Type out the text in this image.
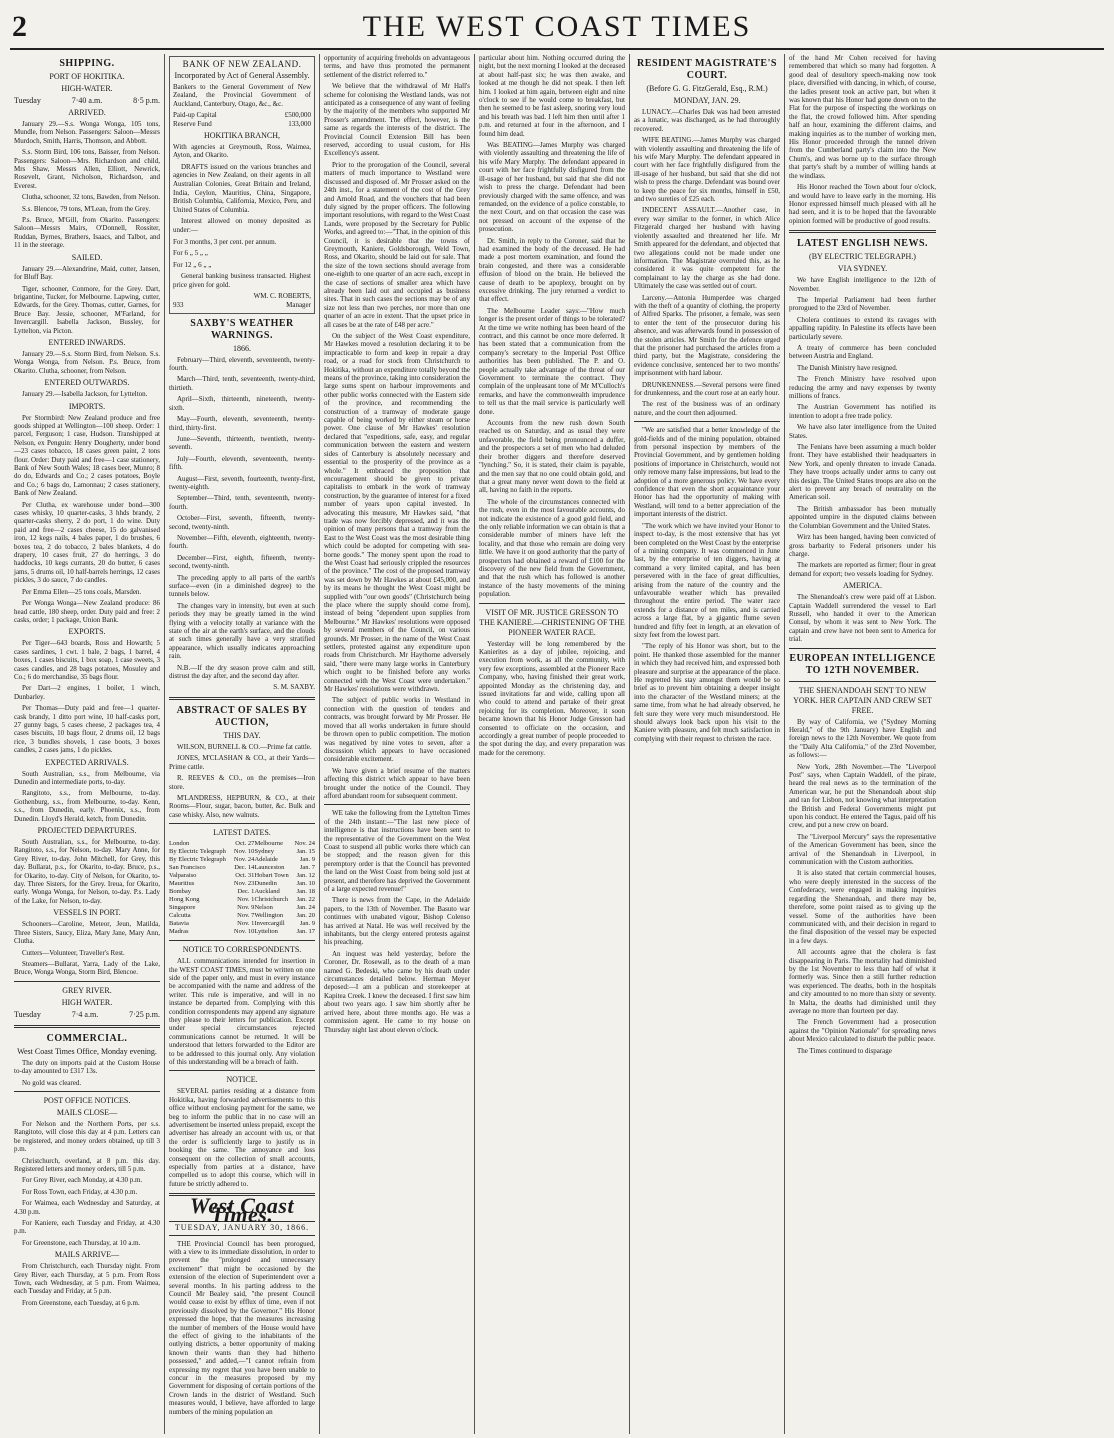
2	THE WEST COAST TIMES
SHIPPING.
PORT OF HOKITIKA.
HIGH-WATER.
Tuesday	7·40 a.m.	8·5 p.m.
ARRIVED.

January 29.—S.s. Wonga Wonga, 105 tons, Mundle, from Nelson. Passengers: Saloon—Messrs Murdoch, Smith, Harris, Thomson, and Abbott.

S.s. Storm Bird, 106 tons, Baisser, from Nelson. Passengers: Saloon—Mrs. Richardson and child, Mrs Shaw, Messrs Allen, Elliott, Newrick, Rosevelt, Grant, Nicholson, Richardson, and Everest.

Clutha, schooner, 32 tons, Bawden, from Nelson.

S.s. Blencoe, 79 tons, M'Lean, from the Grey.

P.s. Bruce, M'Gill, from Okarito. Passengers: Saloon—Messrs Mairs, O'Donnell, Rossiter, Ruddan, Byrnes, Brathers, Isaacs, and Talbot, and 11 in the steerage.

SAILED.

January 29.—Alexandrine, Maid, cutter, Jansen, for Bluff Bay.

Tiger, schooner, Conmore, for the Grey. Dart, brigantine, Tucker, for Melbourne. Lapwing, cutter, Edwards, for the Grey. Thomas, cutter, Garnes, for Bruce Bay. Jessie, schooner, M'Farland, for Invercargill. Isabella Jackson, Bussley, for Lyttelton, via Picton.

ENTERED INWARDS.

January 29.—S.s. Storm Bird, from Nelson. S.s. Wonga Wonga, from Nelson. P.s. Bruce, from Okarito. Clutha, schooner, from Nelson.

ENTERED OUTWARDS.

January 29.—Isabella Jackson, for Lyttelton.

IMPORTS.

Per Stormbird: New Zealand produce and free goods shipped at Wellington—100 sheep. Order: 1 parcel, Ferguson; 1 case, Hudson. Transhipped at Nelson, ex Penguin: Henry Dougherty, under bond—23 cases tobacco, 18 cases green paint, 2 tons flour. Order: Duty paid and free—1 case stationery, Bank of New South Wales; 18 cases beer, Munro; 8 do do, Edwards and Co.; 2 cases potatoes, Boyle and Co.; 6 bags do, Lamonnau; 2 cases stationery, Bank of New Zealand.

Per Clutha, ex warehouse under bond—300 cases whisky, 10 quarter-casks, 3 hhds brandy, 2 quarter-casks sherry, 2 do port, 1 do wine. Duty paid and free—2 cases cheese, 15 do galvanised iron, 12 kegs nails, 4 bales paper, 1 do brushes, 6 boxes tea, 2 do tobacco, 2 bales blankets, 4 do drapery, 10 cases fruit, 27 do herrings, 3 do haddocks, 10 kegs currants, 20 do butter, 6 cases jams, 5 drums oil, 10 half-barrels herrings, 12 cases pickles, 3 do sauce, 7 do candles.

Per Emma Ellen—25 tons coals, Marsden.

Per Wonga Wonga—New Zealand produce: 86 head cattle, 180 sheep, order. Duty paid and free: 2 casks, order; 1 package, Union Bank.

EXPORTS.

Per Tiger—643 boards, Ross and Howarth; 5 cases sardines, 1 cwt. 1 bale, 2 bags, 1 barrel, 4 boxes, 1 cases biscuits, 1 box soap, 1 case sweets, 3 cases candles, and 28 bags potatoes, Mosuley and Co.; 6 do merchandise, 35 bags flour.

Per Dart—2 engines, 1 boiler, 1 winch, Dunbarley.

Per Thomas—Duty paid and free—1 quarter-cask brandy, 1 ditto port wine, 10 half-casks port, 27 gunny bags, 5 cases cheese, 2 packages tea, 4 cases biscuits, 10 bags flour, 2 drums oil, 12 bags rice, 3 bundles shovels, 1 case boots, 3 boxes candles, 2 cases jams, 1 do pickles.

EXPECTED ARRIVALS.

South Australian, s.s., from Melbourne, via Dunedin and intermediate ports, to-day.

Rangitoto, s.s., from Melbourne, to-day. Gothenburg, s.s., from Melbourne, to-day. Kenn, s.s., from Dunedin, early. Phoenix, s.s., from Dunedin. Lloyd's Herald, ketch, from Dunedin.

PROJECTED DEPARTURES.

South Australian, s.s., for Melbourne, to-day. Rangitoto, s.s., for Nelson, to-day. Mary Anne, for Grey River, to-day. John Mitchell, for Grey, this day. Bullarat, p.s., for Okarito, to-day. Bruce, p.s., for Okarito, to-day. City of Nelson, for Okarito, to-day. Three Sisters, for the Grey. Ireua, for Okarito, early. Wonga Wonga, for Nelson, to-day. P.s. Lady of the Lake, for Nelson, to-day.

VESSELS IN PORT.

Schooners—Caroline, Meteor, Jeun, Matilda, Three Sisters, Saucy, Eliza, Mary Jane, Mary Ann, Clutha.

Cutters—Volunteer, Traveller's Rest.

Steamers—Bullarat, Yarra, Lady of the Lake, Bruce, Wonga Wonga, Storm Bird, Blencoe.

GREY RIVER.
HIGH WATER.
Tuesday	7·4 a.m.	7·25 p.m.
COMMERCIAL.
West Coast Times Office, Monday evening.

The duty on imports paid at the Custom House to-day amounted to £317 13s.

No gold was cleared.

POST OFFICE NOTICES.
MAILS CLOSE—

For Nelson and the Northern Ports, per s.s. Rangitoto, will close this day at 4 p.m. Letters can be registered, and money orders obtained, up till 3 p.m.

Christchurch, overland, at 8 p.m. this day. Registered letters and money orders, till 5 p.m.

For Grey River, each Monday, at 4.30 p.m.

For Ross Town, each Friday, at 4.30 p.m.

For Waimea, each Wednesday and Saturday, at 4.30 p.m.

For Kaniere, each Tuesday and Friday, at 4.30 p.m.

For Greenstone, each Thursday, at 10 a.m.

MAILS ARRIVE—

From Christchurch, each Thursday night. From Grey River, each Thursday, at 5 p.m. From Ross Town, each Wednesday, at 5 p.m. From Waimea, each Tuesday and Friday, at 5 p.m.

From Greenstone, each Tuesday, at 6 p.m.

BANK OF NEW ZEALAND.
Incorporated by Act of General Assembly.

Bankers to the General Government of New Zealand, the Provincial Government of Auckland, Canterbury, Otago, &c., &c.

Paid-up Capital	£500,000
Reserve Fund	133,000
HOKITIKA BRANCH,

With agencies at Greymouth, Ross, Waimea, Ayton, and Okarito.

DRAFTS issued on the various branches and agencies in New Zealand, on their agents in all Australian Colonies, Great Britain and Ireland, India, Ceylon, Mauritius, China, Singapore, British Columbia, California, Mexico, Peru, and United States of Columbia.

Interest allowed on money deposited as under:—

For 3 months, 3 per cent. per annum.

For 6 „ 5 „ „

For 12 „ 6 „ „

General banking business transacted. Highest price given for gold.

WM. C. ROBERTS,
933	Manager
SAXBY'S WEATHER WARNINGS.
1866.

February—Third, eleventh, seventeenth, twenty-fourth.

March—Third, tenth, seventeenth, twenty-third, thirtieth.

April—Sixth, thirteenth, nineteenth, twenty-sixth.

May—Fourth, eleventh, seventeenth, twenty-third, thirty-first.

June—Seventh, thirteenth, twentieth, twenty-seventh.

July—Fourth, eleventh, seventeenth, twenty-fifth.

August—First, seventh, fourteenth, twenty-first, twenty-eighth.

September—Third, tenth, seventeenth, twenty-fourth.

October—First, seventh, fifteenth, twenty-second, twenty-ninth.

November—Fifth, eleventh, eighteenth, twenty-fourth.

December—First, eighth, fifteenth, twenty-second, twenty-ninth.

The preceding apply to all parts of the earth's surface—even (in a diminished degree) to the tunnels below.

The changes vary in intensity, but even at such periods they may be greatly tamed in the wind flying with a velocity totally at variance with the state of the air at the earth's surface, and the clouds at such times generally have a very stratified appearance, which usually indicates approaching rain.

N.B.—If the dry season prove calm and still, distrust the day after, and the second day after.

S. M. SAXBY.
ABSTRACT OF SALES BY AUCTION,
THIS DAY.

WILSON, BURNELL & CO.—Prime fat cattle.

JONES, M'CLASHAN & CO., at their Yards—Prime cattle.

R. REEVES & CO., on the premises—Iron store.

M'LANDRESS, HEPBURN, & CO., at their Rooms—Flour, sugar, bacon, butter, &c. Bulk and case whisky. Also, new walnuts.

LATEST DATES.
London	Oct. 27	Melbourne	Nov. 24
By Electric Telegraph	Nov. 10	Sydney	Jan. 15
By Electric Telegraph	Nov. 24	Adelaide	Jan. 9
San Francisco	Dec. 14	Launceston	Jan. 7
Valparaiso	Oct. 31	Hobart Town	Jan. 12
Mauritius	Nov. 23	Dunedin	Jan. 10
Bombay	Dec. 1	Auckland	Jan. 18
Hong Kong	Nov. 1	Christchurch	Jan. 22
Singapore	Nov. 9	Nelson	Jan. 24
Calcutta	Nov. 7	Wellington	Jan. 20
Batavia	Nov. 1	Invercargill	Jan. 9
Madras	Nov. 10	Lyttelton	Jan. 17
NOTICE TO CORRESPONDENTS.

ALL communications intended for insertion in the WEST COAST TIMES, must be written on one side of the paper only, and must in every instance be accompanied with the name and address of the writer. This rule is imperative, and will in no instance be departed from. Complying with this condition correspondents may append any signature they please to their letters for publication. Except under special circumstances rejected communications cannot be returned. It will be understood that letters forwarded to the Editor are to be addressed to this journal only. Any violation of this understanding will be a breach of faith.

NOTICE.

SEVERAL parties residing at a distance from Hokitika, having forwarded advertisements to this office without enclosing payment for the same, we beg to inform the public that in no case will an advertisement be inserted unless prepaid, except the advertiser has already an account with us, or that the order is sufficiently large to justify us in booking the same. The annoyance and loss consequent on the collection of small accounts, especially from parties at a distance, have compelled us to adopt this course, which will in future be strictly adhered to.

West Coast Times.
TUESDAY, JANUARY 30, 1866.

THE Provincial Council has been prorogued, with a view to its immediate dissolution, in order to prevent the "prolonged and unnecessary excitement" that might be occasioned by the extension of the election of Superintendent over a several months. In his parting address to the Council Mr Bealey said, "the present Council would cease to exist by efflux of time, even if not previously dissolved by the Governor." His Honor expressed the hope, that the measures increasing the number of members of the House would have the effect of giving to the inhabitants of the outlying districts, a better opportunity of making known their wants than they had hitherto possessed," and added,—"I cannot refrain from expressing my regret that you have been unable to concur in the measures proposed by my Government for disposing of certain portions of the Crown lands in the district of Westland. Such measures would, I believe, have afforded to large numbers of the mining population an

opportunity of acquiring freeholds on advantageous terms, and have thus promoted the permanent settlement of the district referred to."

We believe that the withdrawal of Mr Hall's scheme for colonising the Westland lands, was not anticipated as a consequence of any want of feeling by the majority of the members who supported Mr Prosser's amendment. The effect, however, is the same as regards the interests of the district. The Provincial Council Extension Bill has been reserved, according to usual custom, for His Excellency's assent.

Prior to the prorogation of the Council, several matters of much importance to Westland were discussed and disposed of. Mr Prosser asked on the 24th inst., for a statement of the cost of the Grey and Arnold Road, and the vouchers that had been duly signed by the proper officers. The following important resolutions, with regard to the West Coast Lands, were proposed by the Secretary for Public Works, and agreed to:—"That, in the opinion of this Council, it is desirable that the towns of Greymouth, Kaniere, Goldsborough, Weld Town, Ross, and Okarito, should be laid out for sale. That the size of the town sections should average from one-eighth to one quarter of an acre each, except in the case of sections of smaller area which have already been laid out and occupied as business sites. That in such cases the sections may be of any size not less than two perches, nor more than one quarter of an acre in extent. That the upset price in all cases be at the rate of £48 per acre."

On the subject of the West Coast expenditure, Mr Hawkes moved a resolution declaring it to be impracticable to form and keep in repair a dray road, or a road for stock from Christchurch to Hokitika, without an expenditure totally beyond the means of the province, taking into consideration the large sums spent on harbour improvements and other public works connected with the Eastern side of the province, and recommending the construction of a tramway of moderate gauge capable of being worked by either steam or horse power. One clause of Mr Hawkes' resolution declared that "expeditions, safe, easy, and regular communication between the eastern and western sides of Canterbury is absolutely necessary and essential to the prosperity of the province as a whole." It embraced the proposition that encouragement should be given to private capitalists to embark in the work of tramway construction, by the guarantee of interest for a fixed number of years upon capital invested. In advocating this measure, Mr Hawkes said, "that trade was now forcibly depressed, and it was the opinion of many persons that a tramway from the East to the West Coast was the most desirable thing which could be adopted for competing with sea-borne goods." The money spent upon the road to the West Coast had seriously crippled the resources of the province." The cost of the proposed tramway was set down by Mr Hawkes at about £45,000, and by its means he thought the West Coast might be supplied with "our own goods" (Christchurch being the place where the supply should come from), instead of being "dependent upon supplies from Melbourne." Mr Hawkes' resolutions were opposed by several members of the Council, on various grounds. Mr Prosser, in the name of the West Coast settlers, protested against any expenditure upon roads from Christchurch. Mr Haythorne adversely said, "there were many large works in Canterbury which ought to be finished before any works connected with the West Coast were undertaken." Mr Hawkes' resolutions were withdrawn.

The subject of public works in Westland in connection with the question of tenders and contracts, was brought forward by Mr Prosser. He moved that all works undertaken in future should be thrown open to public competition. The motion was negatived by nine votes to seven, after a discussion which appears to have occasioned considerable excitement.

We have given a brief resume of the matters affecting this district which appear to have been brought under the notice of the Council. They afford abundant room for subsequent comment.

WE take the following from the Lyttelton Times of the 24th instant:—"The last new piece of intelligence is that instructions have been sent to the representative of the Government on the West Coast to suspend all public works there which can be stopped; and the reason given for this peremptory order is that the Council has prevented the land on the West Coast from being sold just at present, and therefore has deprived the Government of a large expected revenue!"

There is news from the Cape, in the Adelaide papers, to the 13th of November. The Basuto war continues with unabated vigour, Bishop Colenso has arrived at Natal. He was well received by the inhabitants, but the clergy entered protests against his preaching.

An inquest was held yesterday, before the Coroner, Dr. Rosewall, as to the death of a man named G. Bedeski, who came by his death under circumstances detailed below. Herman Meyer deposed:—I am a publican and storekeeper at Kapitea Creek. I knew the deceased. I first saw him about two years ago. I saw him shortly after he arrived here, about three months ago. He was a commission agent. He came to my house on Thursday night last about eleven o'clock.

particular about him. Nothing occurred during the night, but the next morning I looked at the deceased at about half-past six; he was then awake, and looked at me though he did not speak. I then left him. I looked at him again, between eight and nine o'clock to see if he would come to breakfast, but then he seemed to be fast asleep, snoring very loud and his breath was bad. I left him then until after 1 p.m. and returned at four in the afternoon, and I found him dead.

Was BEATING—James Murphy was charged with violently assaulting and threatening the life of his wife Mary Murphy. The defendant appeared in court with her face frightfully disfigured from the ill-usage of her husband, but said that she did not wish to press the charge. Defendant had been previously charged with the same offence, and was remanded, on the evidence of a police constable, to the next Court, and on that occasion the case was not pressed on account of the expense of the prosecution.

Dr. Smith, in reply to the Coroner, said that he had examined the body of the deceased. He had made a post mortem examination, and found the brain congested, and there was a considerable effusion of blood on the brain. He believed the cause of death to be apoplexy, brought on by excessive drinking. The jury returned a verdict to that effect.

The Melbourne Leader says:—"How much longer is the present order of things to be tolerated? At the time we write nothing has been heard of the contract, and this cannot be once more deferred. It has been stated that a communication from the company's secretary to the Imperial Post Office authorities has been published. The P. and O. people actually take advantage of the threat of our Government to terminate the contract. They complain of the unpleasant tone of Mr M'Culloch's remarks, and have the commonwealth imprudence to tell us that the mail service is particularly well done.

Accounts from the new rush down South reached us on Saturday, and as usual they were unfavorable, the field being pronounced a duffer, and the prospectors a set of men who had deluded their brother diggers and therefore deserved "lynching." So, it is stated, their claim is payable, and the men say that no one could obtain gold, and that a great many never went down to the field at all, having no faith in the reports.

The whole of the circumstances connected with the rush, even in the most favourable accounts, do not indicate the existence of a good gold field, and the only reliable information we can obtain is that a considerable number of miners have left the locality, and that those who remain are doing very little. We have it on good authority that the party of prospectors had obtained a reward of £100 for the discovery of the new field from the Government, and that the rush which has followed is another instance of the hasty movements of the mining population.

VISIT OF MR. JUSTICE GRESSON TO THE KANIERE.—CHRISTENING OF THE PIONEER WATER RACE.

Yesterday will be long remembered by the Kanierites as a day of jubilee, rejoicing, and execution from work, as all the community, with very few exceptions, assembled at the Pioneer Race Company, who, having finished their great work, appointed Monday as the christening day, and issued invitations far and wide, calling upon all who could to attend and partake of their great rejoicing for its completion. Moreover, it soon became known that his Honor Judge Gresson had consented to officiate on the occasion, and accordingly a great number of people proceeded to the spot during the day, and every preparation was made for the ceremony.

RESIDENT MAGISTRATE'S COURT.
(Before G. G. FitzGerald, Esq., R.M.)
MONDAY, JAN. 29.

LUNACY.—Charles Dak was had been arrested as a lunatic, was discharged, as he had thoroughly recovered.

WIFE BEATING.—James Murphy was charged with violently assaulting and threatening the life of his wife Mary Murphy. The defendant appeared in court with her face frightfully disfigured from the ill-usage of her husband, but said that she did not wish to press the charge. Defendant was bound over to keep the peace for six months, himself in £50, and two sureties of £25 each.

INDECENT ASSAULT.—Another case, in every way similar to the former, in which Alice Fitzgerald charged her husband with having violently assaulted and threatened her life. Mr Smith appeared for the defendant, and objected that two allegations could not be made under one information. The Magistrate overruled this, as he considered it was quite competent for the complainant to lay the charge as she had done. Ultimately the case was settled out of court.

Larceny.—Antonia Humperdee was charged with the theft of a quantity of clothing, the property of Alfred Sparks. The prisoner, a female, was seen to enter the tent of the prosecutor during his absence, and was afterwards found in possession of the stolen articles. Mr Smith for the defence urged that the prisoner had purchased the articles from a third party, but the Magistrate, considering the evidence conclusive, sentenced her to two months' imprisonment with hard labour.

DRUNKENNESS.—Several persons were fined for drunkenness, and the court rose at an early hour.

The rest of the business was of an ordinary nature, and the court then adjourned.

"We are satisfied that a better knowledge of the gold-fields and of the mining population, obtained from personal inspection by members of the Provincial Government, and by gentlemen holding positions of importance in Christchurch, would not only remove many false impressions, but lead to the adoption of a more generous policy. We have every confidence that even the short acquaintance your Honor has had the opportunity of making with Westland, will tend to a better appreciation of the important interests of the district.

"The work which we have invited your Honor to inspect to-day, is the most extensive that has yet been completed on the West Coast by the enterprise of a mining company. It was commenced in June last, by the enterprise of ten diggers, having at command a very limited capital, and has been persevered with in the face of great difficulties, arising from the nature of the country and the unfavourable weather which has prevailed throughout the entire period. The water race extends for a distance of ten miles, and is carried across a large flat, by a gigantic flume seven hundred and fifty feet in length, at an elevation of sixty feet from the lowest part.

"The reply of his Honor was short, but to the point. He thanked those assembled for the manner in which they had received him, and expressed both pleasure and surprise at the appearance of the place. He regretted his stay amongst them would be so brief as to prevent him obtaining a deeper insight into the character of the Westland miners; at the same time, from what he had already observed, he felt sure they were very much misunderstood. He should always look back upon his visit to the Kaniere with pleasure, and felt much satisfaction in complying with their request to christen the race.

of the hand Mr Cohen received for having remembered that which so many had forgotten. A good deal of desultory speech-making now took place, diversified with dancing, in which, of course, the ladies present took an active part, but when it was known that his Honor had gone down on to the Flat for the purpose of inspecting the workings on the flat, the crowd followed him. After spending half an hour, examining the different claims, and making inquiries as to the number of working men, His Honor proceeded through the tunnel driven from the Cumberland party's claim into the New Chum's, and was borne up to the surface through that party's shaft by a number of willing hands at the windlass.

His Honor reached the Town about four o'clock, and would have to leave early in the morning. His Honor expressed himself much pleased with all he had seen, and it is to be hoped that the favourable opinion formed will be productive of good results.

LATEST ENGLISH NEWS.
(BY ELECTRIC TELEGRAPH.)
VIA SYDNEY.

We have English intelligence to the 12th of November.

The Imperial Parliament had been further prorogued to the 23rd of November.

Cholera continues to extend its ravages with appalling rapidity. In Palestine its effects have been particularly severe.

A treaty of commerce has been concluded between Austria and England.

The Danish Ministry have resigned.

The French Ministry have resolved upon reducing the army and navy expenses by twenty millions of francs.

The Austrian Government has notified its intention to adopt a free trade policy.

We have also later intelligence from the United States.

The Fenians have been assuming a much bolder front. They have established their headquarters in New York, and openly threaten to invade Canada. They have troops actually under arms to carry out this design. The United States troops are also on the alert to prevent any breach of neutrality on the American soil.

The British ambassador has been mutually appointed umpire in the disputed claims between the Columbian Government and the United States.

Wirz has been hanged, having been convicted of gross barbarity to Federal prisoners under his charge.

The markets are reported as firmer; flour in great demand for export; two vessels loading for Sydney.

AMERICA.

The Shenandoah's crew were paid off at Lisbon. Captain Waddell surrendered the vessel to Earl Russell, who handed it over to the American Consul, by whom it was sent to New York. The captain and crew have not been sent to America for trial.

EUROPEAN INTELLIGENCE TO 12TH NOVEMBER.
THE SHENANDOAH SENT TO NEW YORK. HER CAPTAIN AND CREW SET FREE.

By way of California, we ("Sydney Morning Herald," of the 9th January) have English and foreign news to the 12th November. We quote from the "Daily Alta California," of the 23rd November, as follows:—

New York, 28th November.—The "Liverpool Post" says, when Captain Waddell, of the pirate, heard the real news as to the termination of the American war, he put the Shenandoah about ship and ran for Lisbon, not knowing what interpretation the British and Federal Governments might put upon his conduct. He entered the Tagus, paid off his crew, and put a new crew on board.

The "Liverpool Mercury" says the representative of the American Government has been, since the arrival of the Shenandoah in Liverpool, in communication with the Custom authorities.

It is also stated that certain commercial houses, who were deeply interested in the success of the Confederacy, were engaged in making inquiries regarding the Shenandoah, and there may be, therefore, some point raised as to giving up the vessel. Some of the authorities have been communicated with, and their decision in regard to the final disposition of the vessel may be expected in a few days.

All accounts agree that the cholera is fast disappearing in Paris. The mortality had diminished by the 1st November to less than half of what it formerly was. Since then a still further reduction was experienced. The deaths, both in the hospitals and city amounted to no more than sixty or seventy. In Malta, the deaths had diminished until they average no more than fourteen per day.

The French Government had a prosecution against the "Opinion Nationale" for spreading news about Mexico calculated to disturb the public peace.

The Times continued to disparage
